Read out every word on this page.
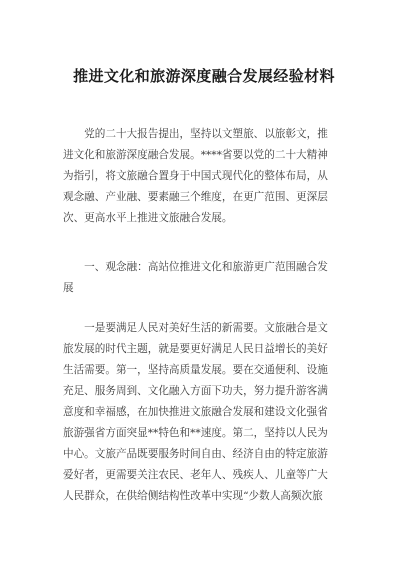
推进文化和旅游深度融合发展经验材料

　　党的二十大报告提出，坚持以文塑旅、以旅彰文，推
进文化和旅游深度融合发展。****省要以党的二十大精神
为指引，将文旅融合置身于中国式现代化的整体布局，从
观念融、产业融、要素融三个维度，在更广范围、更深层
次、更高水平上推进文旅融合发展。

　　一、观念融：高站位推进文化和旅游更广范围融合发
展

　　一是要满足人民对美好生活的新需要。文旅融合是文
旅发展的时代主题，就是要更好满足人民日益增长的美好
生活需要。第一，坚持高质量发展。要在交通便利、设施
充足、服务周到、文化融入方面下功夫，努力提升游客满
意度和幸福感，在加快推进文旅融合发展和建设文化强省
旅游强省方面突显**特色和**速度。第二，坚持以人民为
中心。文旅产品既要服务时间自由、经济自由的特定旅游
爱好者，更需要关注农民、老年人、残疾人、儿童等广大
人民群众，在供给侧结构性改革中实现“少数人高频次旅
